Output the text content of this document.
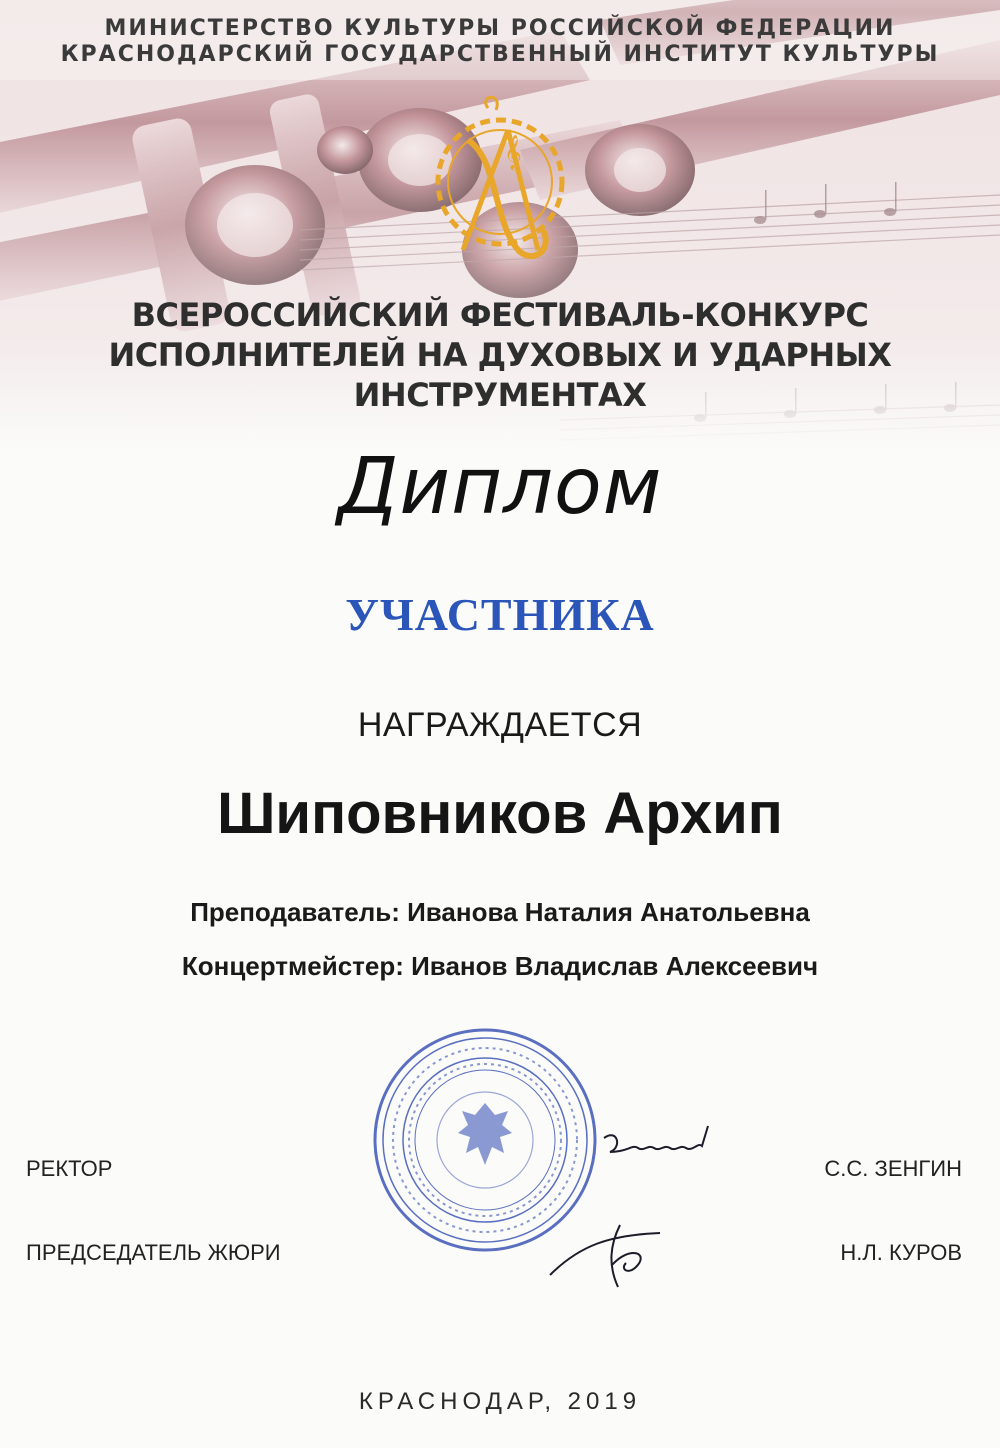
𝄞
МИНИСТЕРСТВО КУЛЬТУРЫ РОССИЙСКОЙ ФЕДЕРАЦИИ
КРАСНОДАРСКИЙ ГОСУДАРСТВЕННЫЙ ИНСТИТУТ КУЛЬТУРЫ
ВСЕРОССИЙСКИЙ ФЕСТИВАЛЬ-КОНКУРС
ИСПОЛНИТЕЛЕЙ НА ДУХОВЫХ И УДАРНЫХ
ИНСТРУМЕНТАХ
Диплом
УЧАСТНИКА
НАГРАЖДАЕТСЯ
Шиповников Архип
Преподаватель: Иванова Наталия Анатольевна
Концертмейстер: Иванов Владислав Алексеевич
РЕКТОР	С.С. ЗЕНГИН
ПРЕДСЕДАТЕЛЬ ЖЮРИ	Н.Л. КУРОВ
КРАСНОДАР, 2019
